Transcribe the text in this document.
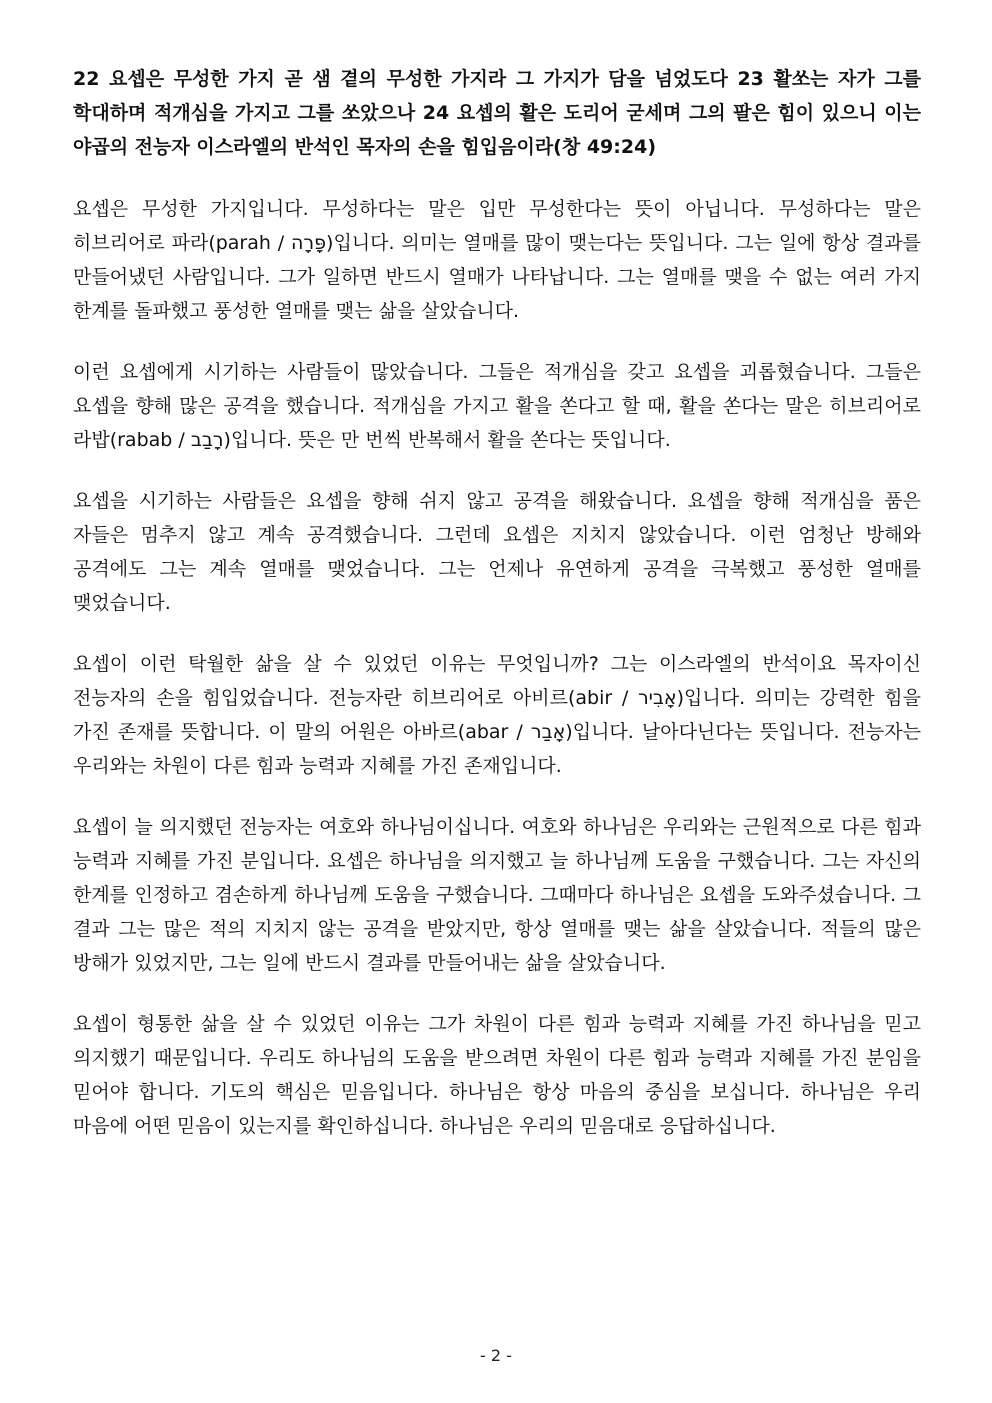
22 요셉은 무성한 가지 곧 샘 곁의 무성한 가지라 그 가지가 담을 넘었도다 23 활쏘는 자가 그를 학대하며 적개심을 가지고 그를 쏘았으나 24 요셉의 활은 도리어 굳세며 그의 팔은 힘이 있으니 이는 야곱의 전능자 이스라엘의 반석인 목자의 손을 힘입음이라(창 49:24)

요셉은 무성한 가지입니다. 무성하다는 말은 입만 무성한다는 뜻이 아닙니다. 무성하다는 말은 히브리어로 파라(parah / פָּרָה)입니다. 의미는 열매를 많이 맺는다는 뜻입니다. 그는 일에 항상 결과를 만들어냈던 사람입니다. 그가 일하면 반드시 열매가 나타납니다. 그는 열매를 맺을 수 없는 여러 가지 한계를 돌파했고 풍성한 열매를 맺는 삶을 살았습니다.

이런 요셉에게 시기하는 사람들이 많았습니다. 그들은 적개심을 갖고 요셉을 괴롭혔습니다. 그들은 요셉을 향해 많은 공격을 했습니다. 적개심을 가지고 활을 쏜다고 할 때, 활을 쏜다는 말은 히브리어로 라밥(rabab / רָבַב)입니다. 뜻은 만 번씩 반복해서 활을 쏜다는 뜻입니다.

요셉을 시기하는 사람들은 요셉을 향해 쉬지 않고 공격을 해왔습니다. 요셉을 향해 적개심을 품은 자들은 멈추지 않고 계속 공격했습니다. 그런데 요셉은 지치지 않았습니다. 이런 엄청난 방해와 공격에도 그는 계속 열매를 맺었습니다. 그는 언제나 유연하게 공격을 극복했고 풍성한 열매를 맺었습니다.

요셉이 이런 탁월한 삶을 살 수 있었던 이유는 무엇입니까? 그는 이스라엘의 반석이요 목자이신 전능자의 손을 힘입었습니다. 전능자란 히브리어로 아비르(abir / אָבִיר)입니다. 의미는 강력한 힘을 가진 존재를 뜻합니다. 이 말의 어원은 아바르(abar / אָבַר)입니다. 날아다닌다는 뜻입니다. 전능자는 우리와는 차원이 다른 힘과 능력과 지혜를 가진 존재입니다.

요셉이 늘 의지했던 전능자는 여호와 하나님이십니다. 여호와 하나님은 우리와는 근원적으로 다른 힘과 능력과 지혜를 가진 분입니다. 요셉은 하나님을 의지했고 늘 하나님께 도움을 구했습니다. 그는 자신의 한계를 인정하고 겸손하게 하나님께 도움을 구했습니다. 그때마다 하나님은 요셉을 도와주셨습니다. 그 결과 그는 많은 적의 지치지 않는 공격을 받았지만, 항상 열매를 맺는 삶을 살았습니다. 적들의 많은 방해가 있었지만, 그는 일에 반드시 결과를 만들어내는 삶을 살았습니다.

요셉이 형통한 삶을 살 수 있었던 이유는 그가 차원이 다른 힘과 능력과 지혜를 가진 하나님을 믿고 의지했기 때문입니다. 우리도 하나님의 도움을 받으려면 차원이 다른 힘과 능력과 지혜를 가진 분임을 믿어야 합니다. 기도의 핵심은 믿음입니다. 하나님은 항상 마음의 중심을 보십니다. 하나님은 우리 마음에 어떤 믿음이 있는지를 확인하십니다. 하나님은 우리의 믿음대로 응답하십니다.

- 2 -
